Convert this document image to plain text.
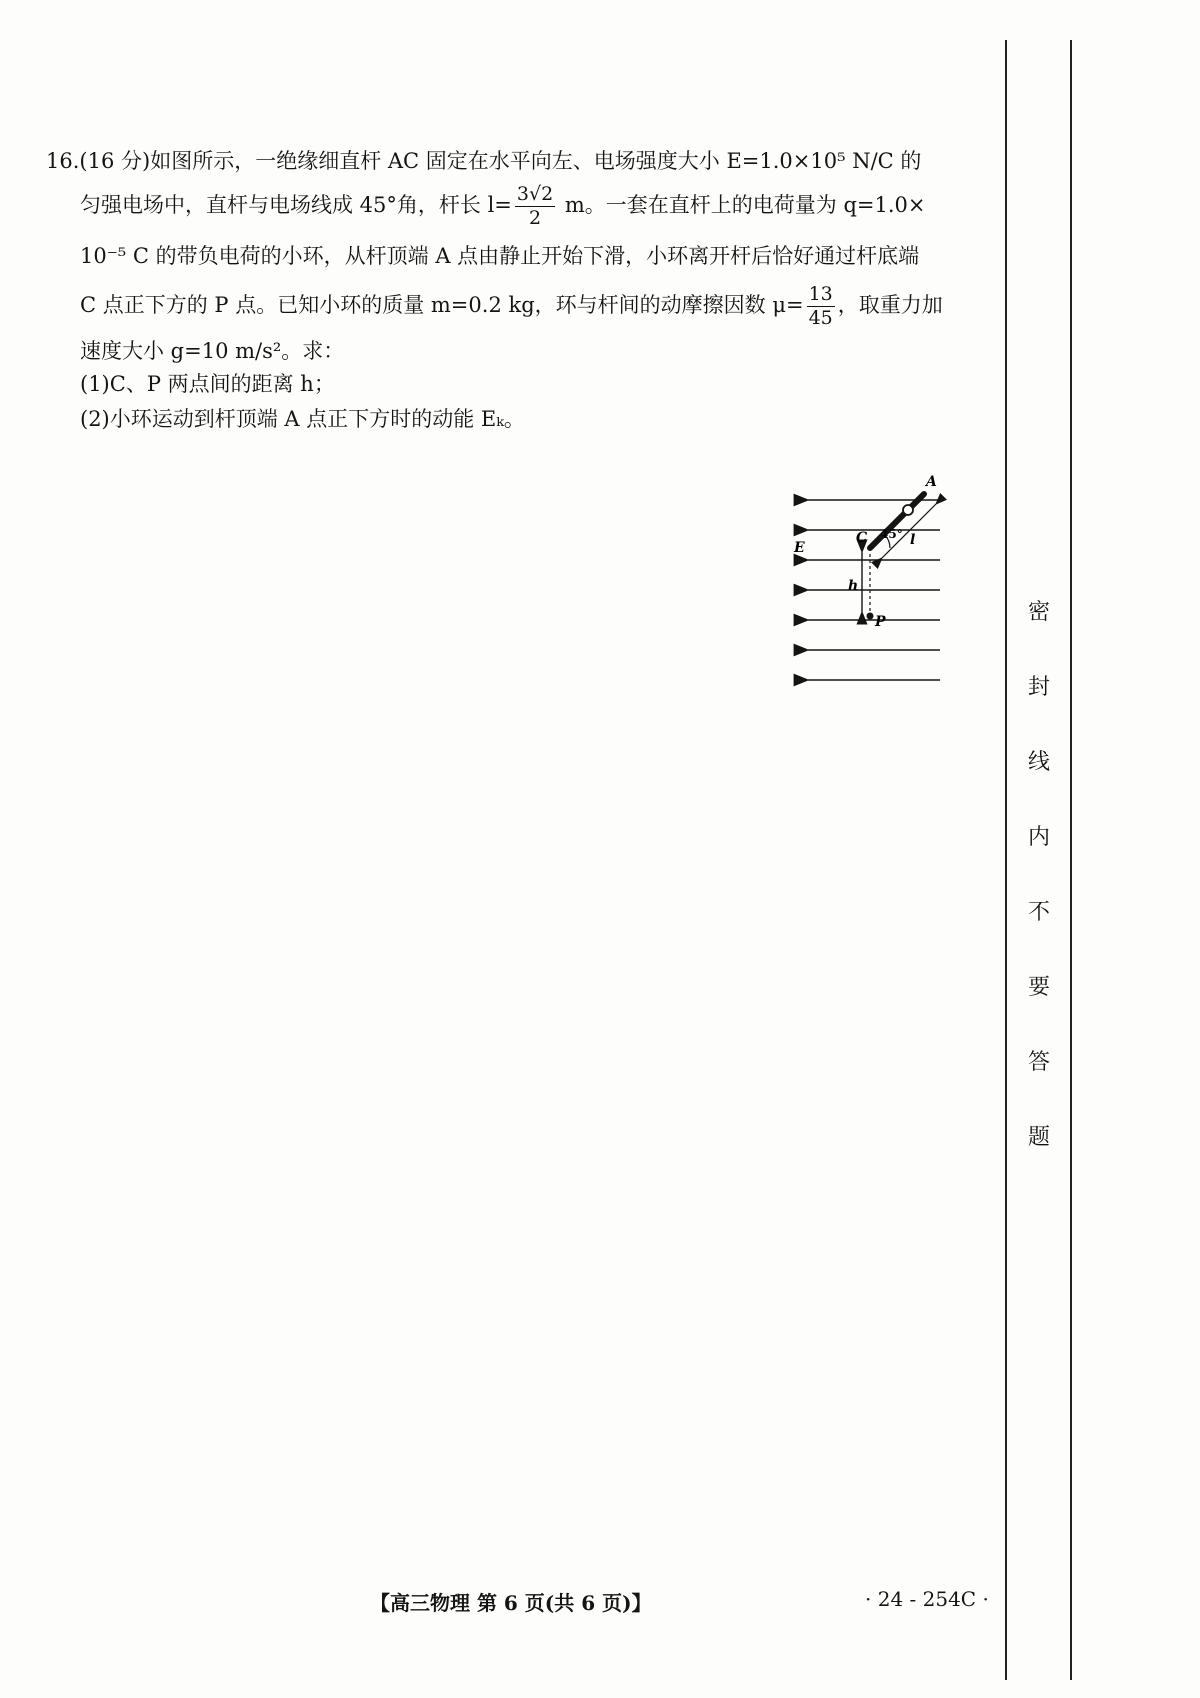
16.(16 分)如图所示，一绝缘细直杆 AC 固定在水平向左、电场强度大小 E=1.0×10⁵ N/C 的
匀强电场中，直杆与电场线成 45°角，杆长 $l= \frac{3√2}{2}$ m。一套在直杆上的电荷量为 q=1.0×
10⁻⁵ C 的带负电荷的小环，从杆顶端 A 点由静止开始下滑，小环离开杆后恰好通过杆底端
C 点正下方的 P 点。已知小环的质量 m=0.2 kg，环与杆间的动摩擦因数 $\mu= \frac{13}{45}$ ，取重力加
速度大小 g=10 m/s²。求：
(1)C、P 两点间的距离 h；
(2)小环运动到杆顶端 A 点正下方时的动能 Eₖ。
A
C
E
h
P
l
45°
密
封
线
内
不
要
答
题
【高三物理 第 6 页(共 6 页)】	· 24 - 254C ·
